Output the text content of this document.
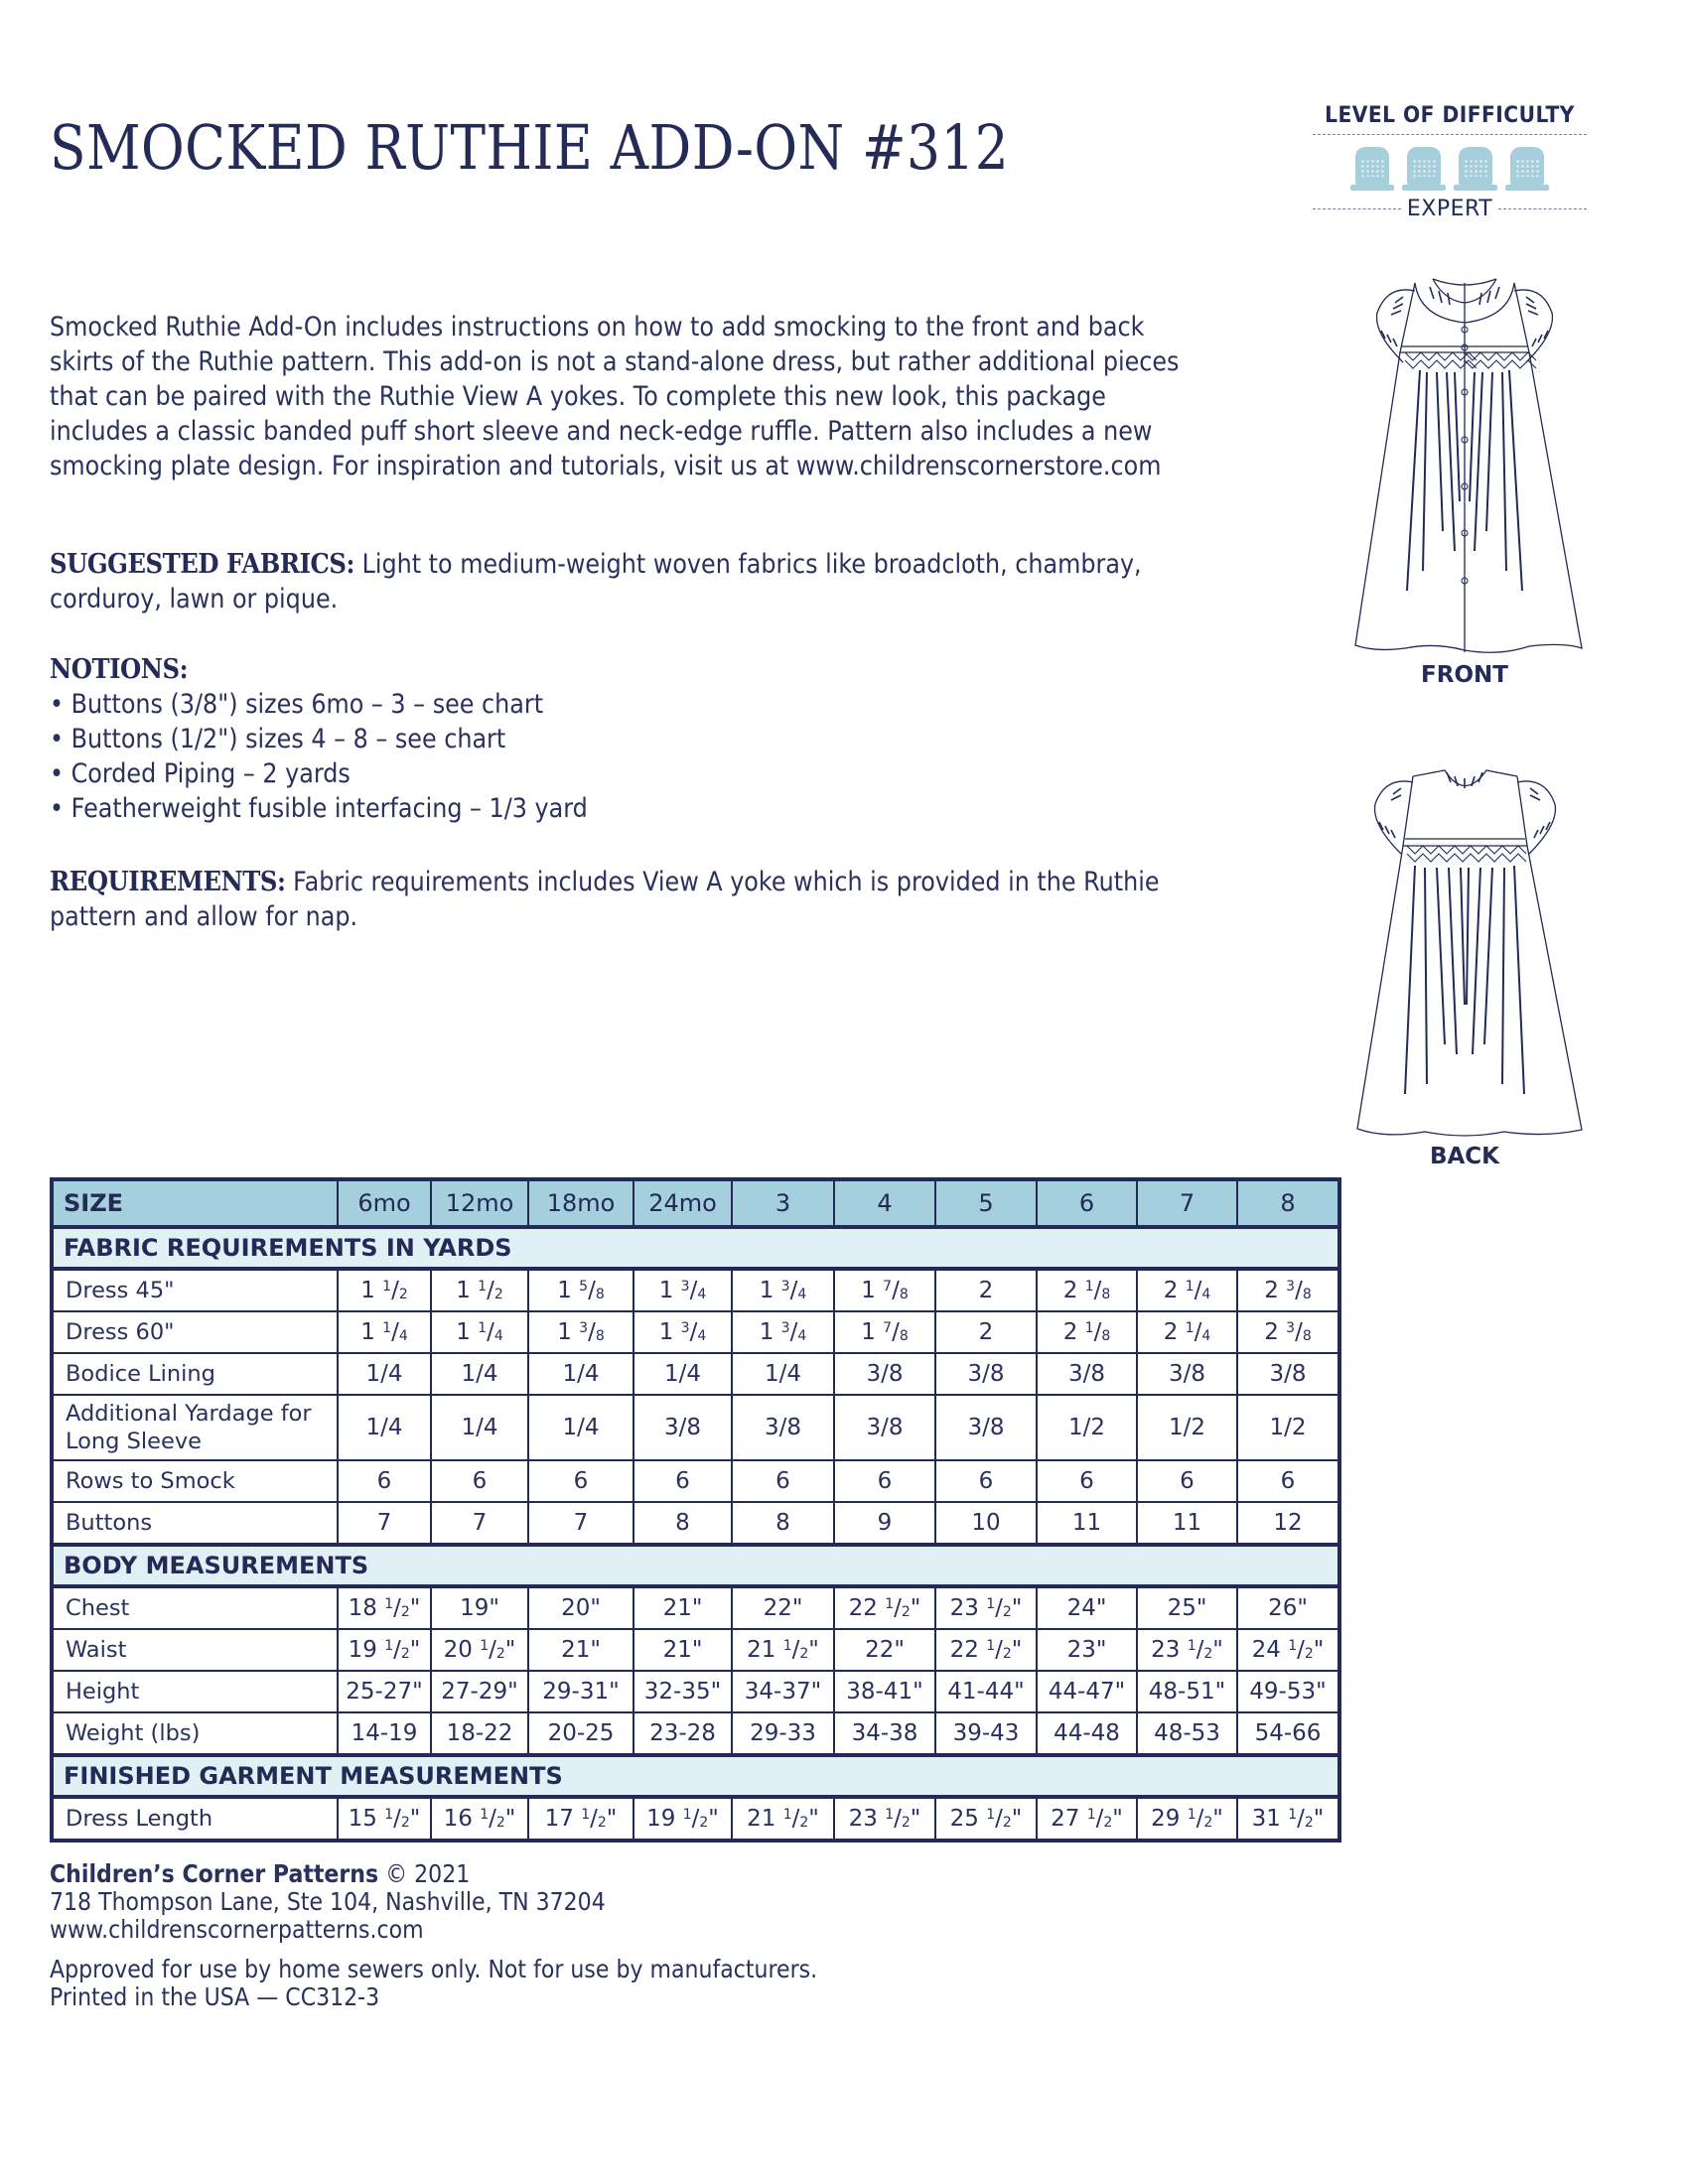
SMOCKED RUTHIE ADD-ON #312	LEVEL OF DIFFICULTY
EXPERT
Smocked Ruthie Add-On includes instructions on how to add smocking to the front and back skirts of the Ruthie pattern. This add-on is not a stand-alone dress, but rather additional pieces that can be paired with the Ruthie View A yokes. To complete this new look, this package includes a classic banded puff short sleeve and neck-edge ruffle. Pattern also includes a new smocking plate design. For inspiration and tutorials, visit us at www.childrenscornerstore.com
SUGGESTED FABRICS: Light to medium-weight woven fabrics like broadcloth, chambray, corduroy, lawn or pique.
NOTIONS:
• Buttons (3/8") sizes 6mo – 3 – see chart
• Buttons (1/2") sizes 4 – 8 – see chart
• Corded Piping – 2 yards
• Featherweight fusible interfacing – 1/3 yard
REQUIREMENTS: Fabric requirements includes View A yoke which is provided in the Ruthie pattern and allow for nap.
FRONT
BACK
SIZE	6mo	12mo	18mo	24mo	3	4	5	6	7	8
FABRIC REQUIREMENTS IN YARDS										
Dress 45"	1 $^1/_2$	1 $^1/_2$	1 $^5/_8$	1 $^3/_4$	1 $^3/_4$	1 $^7/_8$	2	2 $^1/_8$	2 $^1/_4$	2 $^3/_8$
Dress 60"	1 $^1/_4$	1 $^1/_4$	1 $^3/_8$	1 $^3/_4$	1 $^3/_4$	1 $^7/_8$	2	2 $^1/_8$	2 $^1/_4$	2 $^3/_8$
Bodice Lining	1/4	1/4	1/4	1/4	1/4	3/8	3/8	3/8	3/8	3/8
Additional Yardage for Long Sleeve	1/4	1/4	1/4	3/8	3/8	3/8	3/8	1/2	1/2	1/2
Rows to Smock	6	6	6	6	6	6	6	6	6	6
Buttons	7	7	7	8	8	9	10	11	11	12
BODY MEASUREMENTS										
Chest	18 $^1/_2$"	19"	20"	21"	22"	22 $^1/_2$"	23 $^1/_2$"	24"	25"	26"
Waist	19 $^1/_2$"	20 $^1/_2$"	21"	21"	21 $^1/_2$"	22"	22 $^1/_2$"	23"	23 $^1/_2$"	24 $^1/_2$"
Height	25-27"	27-29"	29-31"	32-35"	34-37"	38-41"	41-44"	44-47"	48-51"	49-53"
Weight (lbs)	14-19	18-22	20-25	23-28	29-33	34-38	39-43	44-48	48-53	54-66
FINISHED GARMENT MEASUREMENTS										
Dress Length	15 $^1/_2$"	16 $^1/_2$"	17 $^1/_2$"	19 $^1/_2$"	21 $^1/_2$"	23 $^1/_2$"	25 $^1/_2$"	27 $^1/_2$"	29 $^1/_2$"	31 $^1/_2$"
Children’s Corner Patterns © 2021
718 Thompson Lane, Ste 104, Nashville, TN 37204
www.childrenscornerpatterns.com
Approved for use by home sewers only. Not for use by manufacturers.
Printed in the USA — CC312-3
